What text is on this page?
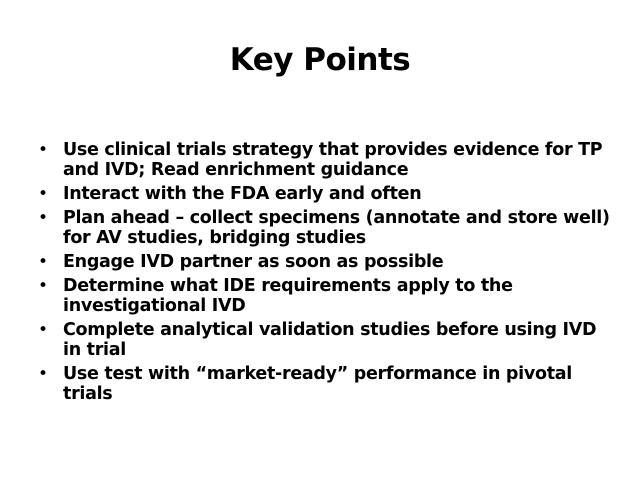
Key Points
• Use clinical trials strategy that provides evidence for TP and IVD; Read enrichment guidance
• Interact with the FDA early and often
• Plan ahead – collect specimens (annotate and store well) for AV studies, bridging studies
• Engage IVD partner as soon as possible
• Determine what IDE requirements apply to the investigational IVD
• Complete analytical validation studies before using IVD in trial
• Use test with “market-ready” performance in pivotal trials
